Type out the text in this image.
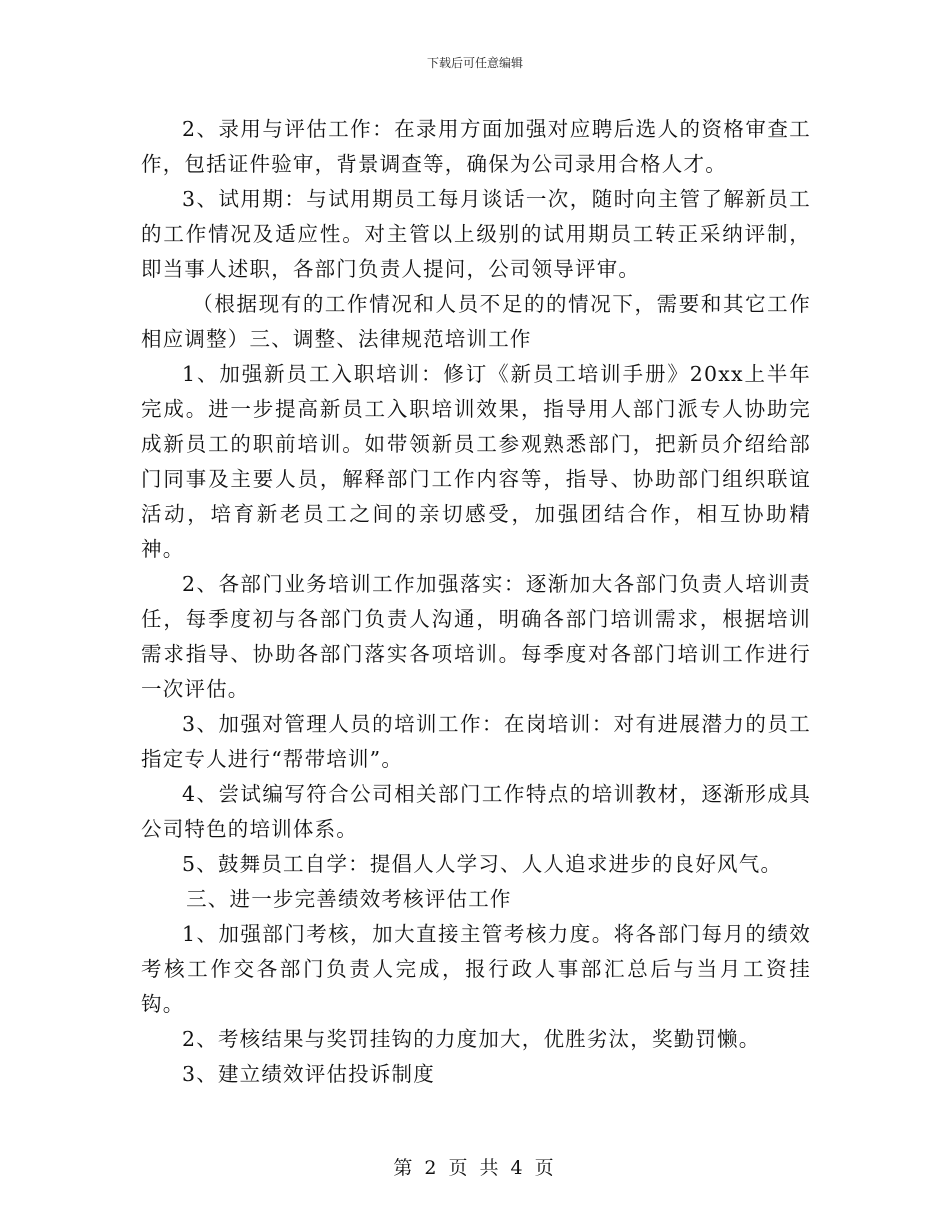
下载后可任意编辑

2、录用与评估工作：在录用方面加强对应聘后选人的资格审查工作，包括证件验审，背景调查等，确保为公司录用合格人才。

3、试用期：与试用期员工每月谈话一次，随时向主管了解新员工的工作情况及适应性。对主管以上级别的试用期员工转正采纳评制，即当事人述职，各部门负责人提问，公司领导评审。

（根据现有的工作情况和人员不足的的情况下，需要和其它工作相应调整）三、调整、法律规范培训工作

1、加强新员工入职培训：修订《新员工培训手册》20xx上半年完成。进一步提高新员工入职培训效果，指导用人部门派专人协助完成新员工的职前培训。如带领新员工参观熟悉部门，把新员介绍给部门同事及主要人员，解释部门工作内容等，指导、协助部门组织联谊活动，培育新老员工之间的亲切感受，加强团结合作，相互协助精神。

2、各部门业务培训工作加强落实：逐渐加大各部门负责人培训责任，每季度初与各部门负责人沟通，明确各部门培训需求，根据培训需求指导、协助各部门落实各项培训。每季度对各部门培训工作进行一次评估。

3、加强对管理人员的培训工作：在岗培训：对有进展潜力的员工指定专人进行“帮带培训”。

4、尝试编写符合公司相关部门工作特点的培训教材，逐渐形成具公司特色的培训体系。

5、鼓舞员工自学：提倡人人学习、人人追求进步的良好风气。

三、进一步完善绩效考核评估工作

1、加强部门考核，加大直接主管考核力度。将各部门每月的绩效考核工作交各部门负责人完成，报行政人事部汇总后与当月工资挂钩。

2、考核结果与奖罚挂钩的力度加大，优胜劣汰，奖勤罚懒。

3、建立绩效评估投诉制度

第 2 页 共 4 页
